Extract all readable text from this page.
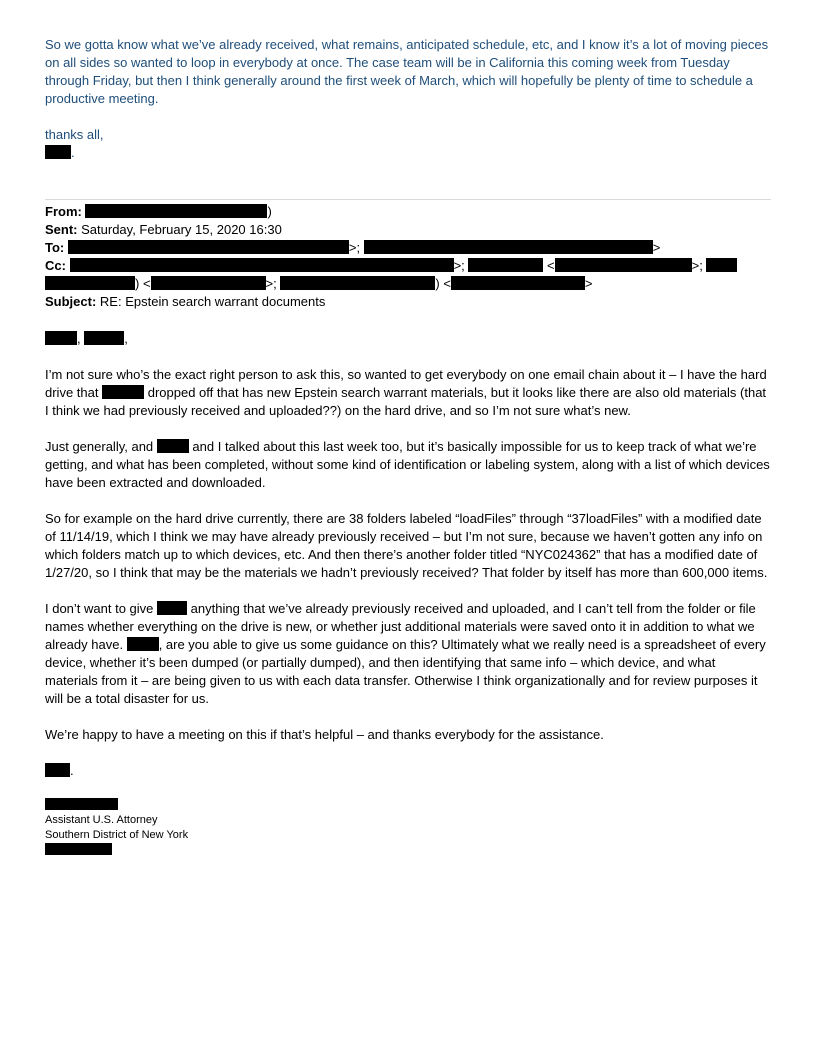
So we gotta know what we’ve already received, what remains, anticipated schedule, etc, and I know it’s a lot of moving pieces on all sides so wanted to loop in everybody at once. The case team will be in California this coming week from Tuesday through Friday, but then I think generally around the first week of March, which will hopefully be plenty of time to schedule a productive meeting.

thanks all,

.

From:	)
Sent: Saturday, February 15, 2020 16:30
To:	>;	>
Cc:	>;	<	>;
) <	>;	) <	>
Subject: RE: Epstein search warrant documents

,	,

I’m not sure who’s the exact right person to ask this, so wanted to get everybody on one email chain about it – I have the hard drive that	dropped off that has new Epstein search warrant materials, but it looks like there are also old materials (that I think we had previously received and uploaded??) on the hard drive, and so I’m not sure what’s new.

Just generally, and	and I talked about this last week too, but it’s basically impossible for us to keep track of what we’re getting, and what has been completed, without some kind of identification or labeling system, along with a list of which devices have been extracted and downloaded.

So for example on the hard drive currently, there are 38 folders labeled “loadFiles” through “37loadFiles” with a modified date of 11/14/19, which I think we may have already previously received – but I’m not sure, because we haven’t gotten any info on which folders match up to which devices, etc. And then there’s another folder titled “NYC024362” that has a modified date of 1/27/20, so I think that may be the materials we hadn’t previously received? That folder by itself has more than 600,000 items.

I don’t want to give	anything that we’ve already previously received and uploaded, and I can’t tell from the folder or file names whether everything on the drive is new, or whether just additional materials were saved onto it in addition to what we already have.	, are you able to give us some guidance on this? Ultimately what we really need is a spreadsheet of every device, whether it’s been dumped (or partially dumped), and then identifying that same info – which device, and what materials from it – are being given to us with each data transfer. Otherwise I think organizationally and for review purposes it will be a total disaster for us.

We’re happy to have a meeting on this if that’s helpful – and thanks everybody for the assistance.

.

Assistant U.S. Attorney
Southern District of New York
